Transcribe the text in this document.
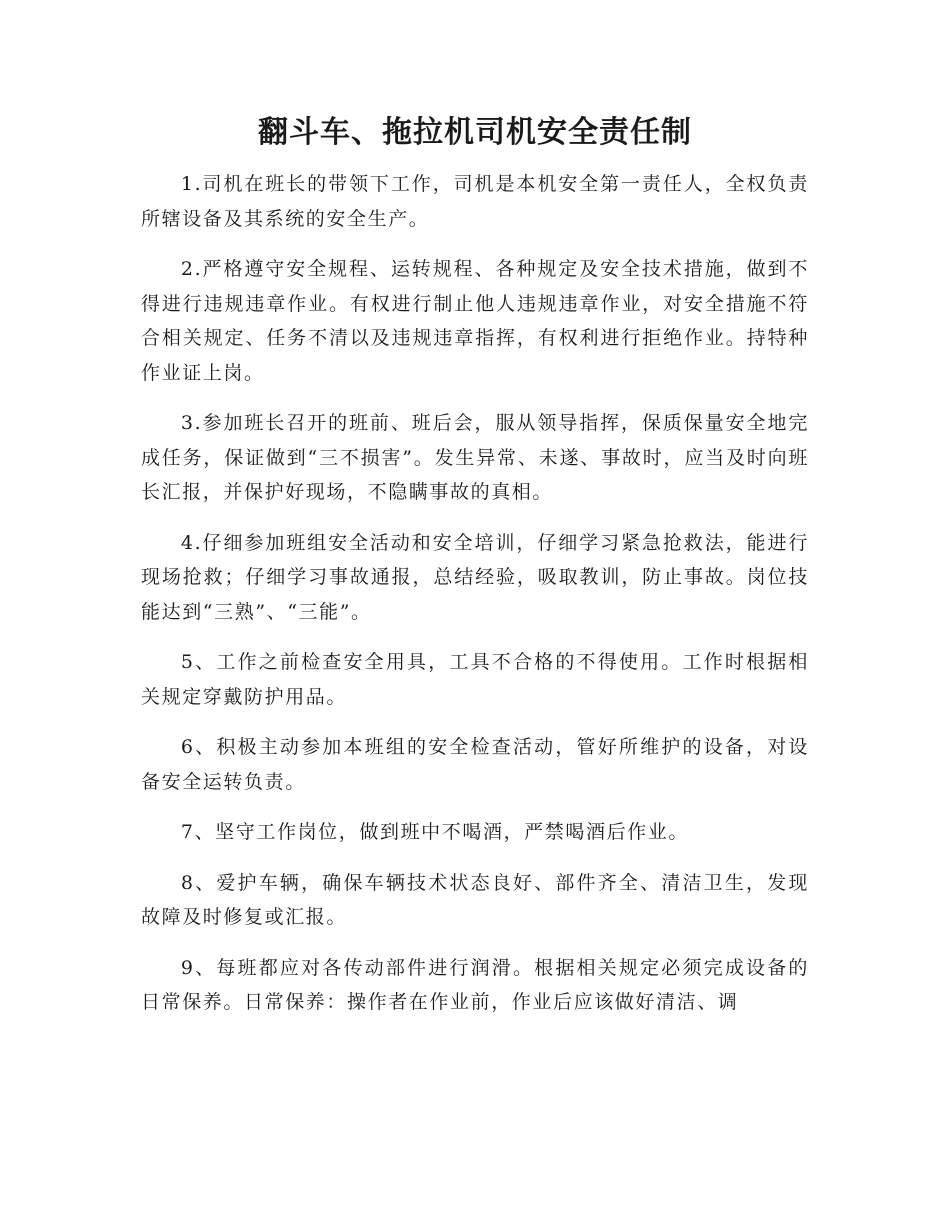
翻斗车、拖拉机司机安全责任制

1.司机在班长的带领下工作，司机是本机安全第一责任人，全权负责所辖设备及其系统的安全生产。

2.严格遵守安全规程、运转规程、各种规定及安全技术措施，做到不得进行违规违章作业。有权进行制止他人违规违章作业，对安全措施不符合相关规定、任务不清以及违规违章指挥，有权利进行拒绝作业。持特种作业证上岗。

3.参加班长召开的班前、班后会，服从领导指挥，保质保量安全地完成任务，保证做到“三不损害”。发生异常、未遂、事故时，应当及时向班长汇报，并保护好现场，不隐瞒事故的真相。

4.仔细参加班组安全活动和安全培训，仔细学习紧急抢救法，能进行现场抢救；仔细学习事故通报，总结经验，吸取教训，防止事故。岗位技能达到“三熟”、“三能”。

5、工作之前检查安全用具，工具不合格的不得使用。工作时根据相关规定穿戴防护用品。

6、积极主动参加本班组的安全检查活动，管好所维护的设备，对设备安全运转负责。

7、坚守工作岗位，做到班中不喝酒，严禁喝酒后作业。

8、爱护车辆，确保车辆技术状态良好、部件齐全、清洁卫生，发现故障及时修复或汇报。

9、每班都应对各传动部件进行润滑。根据相关规定必须完成设备的日常保养。日常保养：操作者在作业前，作业后应该做好清洁、调
